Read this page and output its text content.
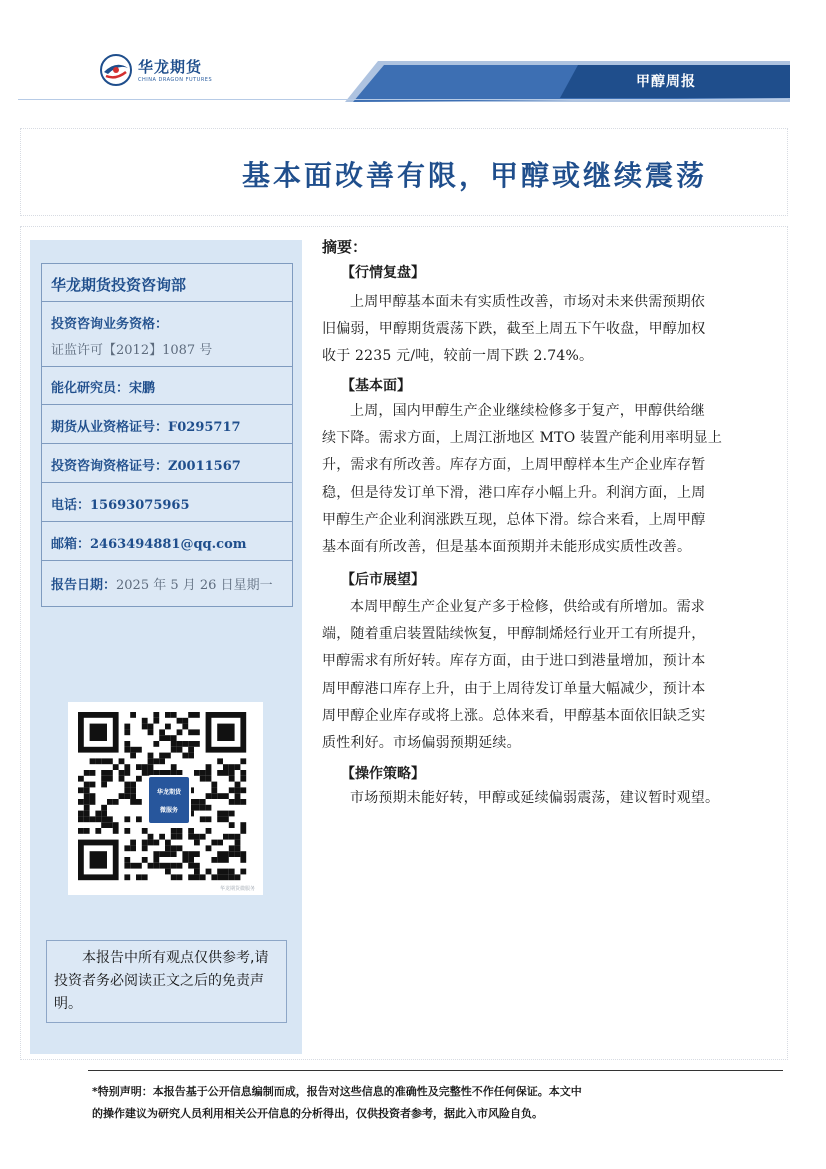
华龙期货
CHINA DRAGON FUTURES	甲醇周报
基本面改善有限，甲醇或继续震荡
华龙期货投资咨询部
投资咨询业务资格：
证监许可【2012】1087 号
能化研究员：宋鹏
期货从业资格证号：F0295717
投资咨询资格证号：Z0011567
电话：15693075965
邮箱：2463494881@qq.com
报告日期：2025 年 5 月 26 日星期一
华龙期货
微服务
华龙期货微服务
本报告中所有观点仅供参考,请投资者务必阅读正文之后的免责声明。
摘要：
【行情复盘】
上周甲醇基本面未有实质性改善，市场对未来供需预期依
旧偏弱，甲醇期货震荡下跌，截至上周五下午收盘，甲醇加权
收于 2235 元/吨，较前一周下跌 2.74%。
【基本面】
上周，国内甲醇生产企业继续检修多于复产，甲醇供给继
续下降。需求方面，上周江浙地区 MTO 装置产能利用率明显上
升，需求有所改善。库存方面，上周甲醇样本生产企业库存暂
稳，但是待发订单下滑，港口库存小幅上升。利润方面，上周
甲醇生产企业利润涨跌互现，总体下滑。综合来看，上周甲醇
基本面有所改善，但是基本面预期并未能形成实质性改善。
【后市展望】
本周甲醇生产企业复产多于检修，供给或有所增加。需求
端，随着重启装置陆续恢复，甲醇制烯烃行业开工有所提升，
甲醇需求有所好转。库存方面，由于进口到港量增加，预计本
周甲醇港口库存上升，由于上周待发订单量大幅减少，预计本
周甲醇企业库存或将上涨。总体来看，甲醇基本面依旧缺乏实
质性利好。市场偏弱预期延续。
【操作策略】
市场预期未能好转，甲醇或延续偏弱震荡，建议暂时观望。
*特别声明：本报告基于公开信息编制而成，报告对这些信息的准确性及完整性不作任何保证。本文中
的操作建议为研究人员利用相关公开信息的分析得出，仅供投资者参考，据此入市风险自负。
